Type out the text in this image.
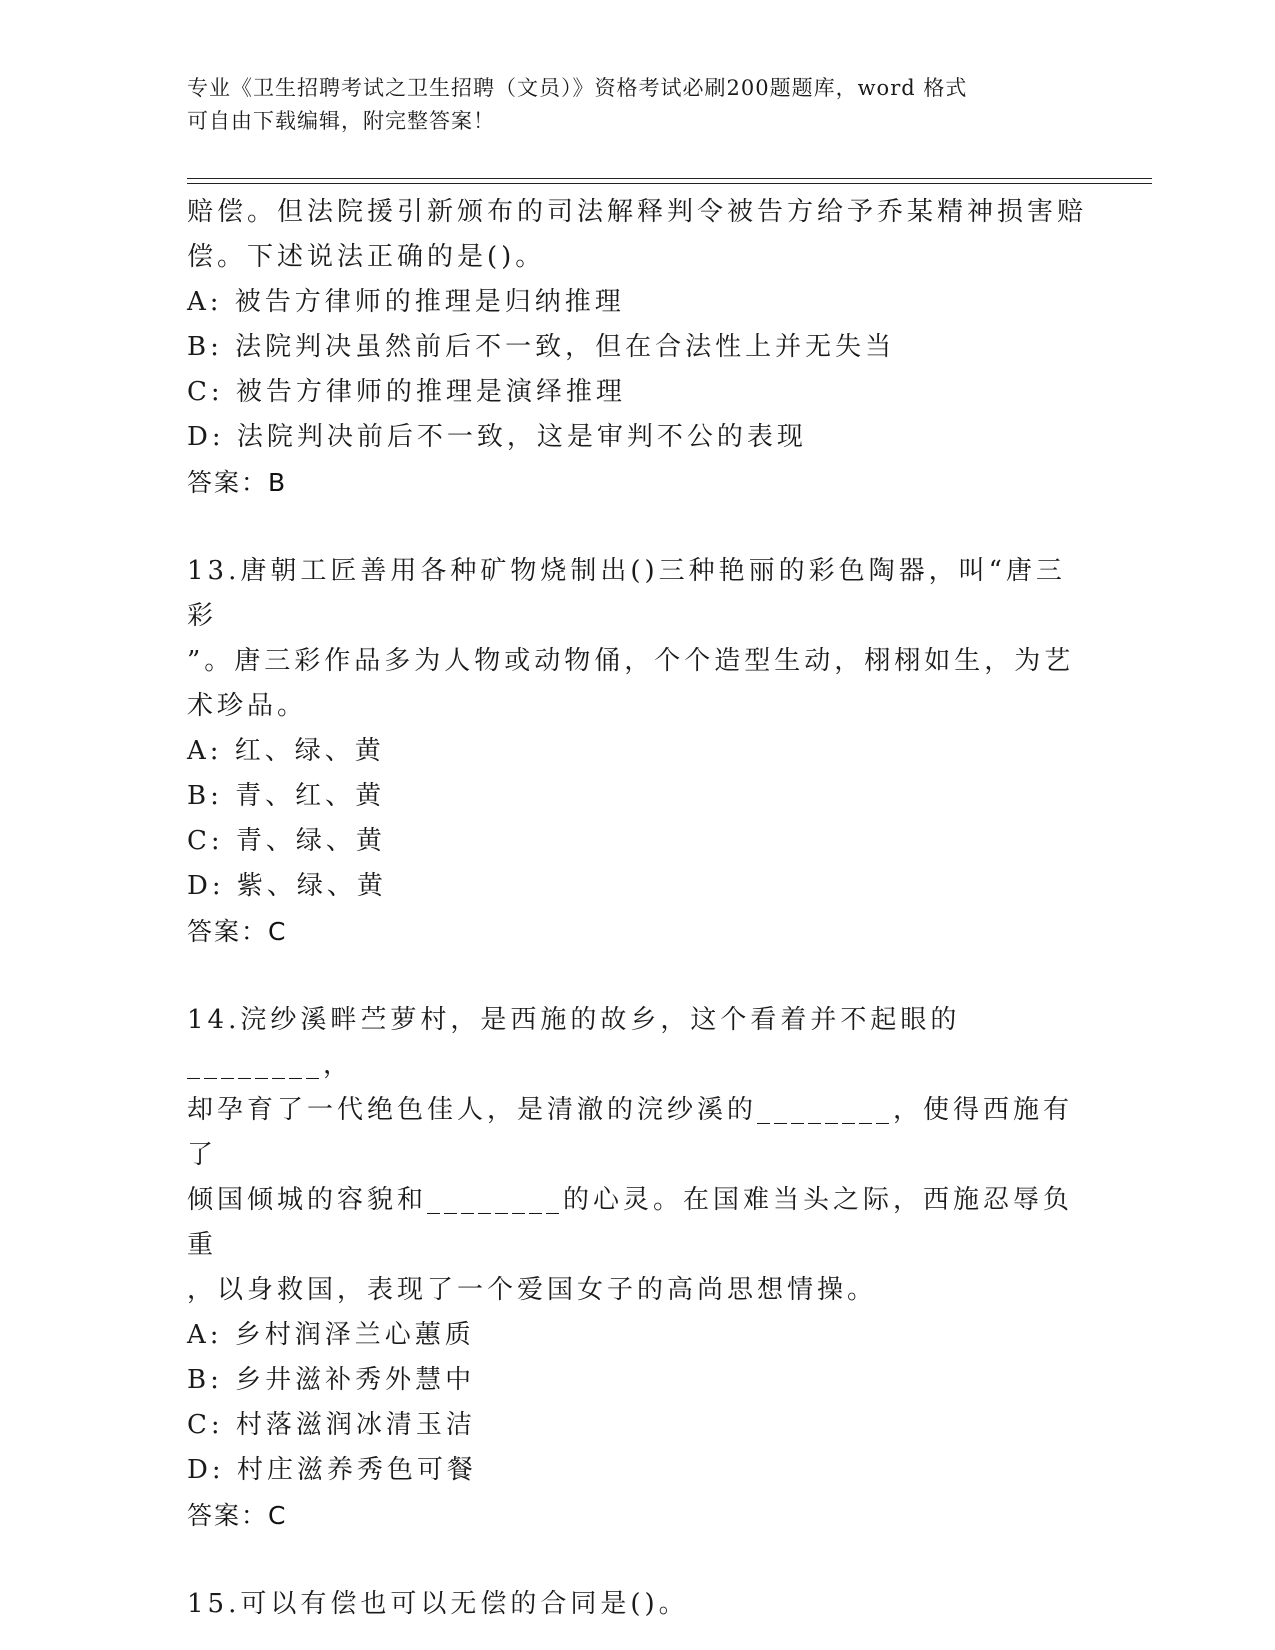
专业《卫生招聘考试之卫生招聘（文员）》资格考试必刷200题题库，word 格式
可自由下载编辑，附完整答案！

赔偿。但法院援引新颁布的司法解释判令被告方给予乔某精神损害赔

偿。下述说法正确的是()。

A: 被告方律师的推理是归纳推理

B: 法院判决虽然前后不一致，但在合法性上并无失当

C: 被告方律师的推理是演绎推理

D: 法院判决前后不一致，这是审判不公的表现

答案：B

13.唐朝工匠善用各种矿物烧制出()三种艳丽的彩色陶器，叫“唐三彩

”。唐三彩作品多为人物或动物俑，个个造型生动，栩栩如生，为艺

术珍品。

A: 红、绿、黄

B: 青、红、黄

C: 青、绿、黄

D: 紫、绿、黄

答案：C

14.浣纱溪畔苎萝村，是西施的故乡，这个看着并不起眼的________，

却孕育了一代绝色佳人，是清澈的浣纱溪的________，使得西施有了

倾国倾城的容貌和________的心灵。在国难当头之际，西施忍辱负重

，以身救国，表现了一个爱国女子的高尚思想情操。

A: 乡村润泽兰心蕙质

B: 乡井滋补秀外慧中

C: 村落滋润冰清玉洁

D: 村庄滋养秀色可餐

答案：C

15.可以有偿也可以无偿的合同是()。
